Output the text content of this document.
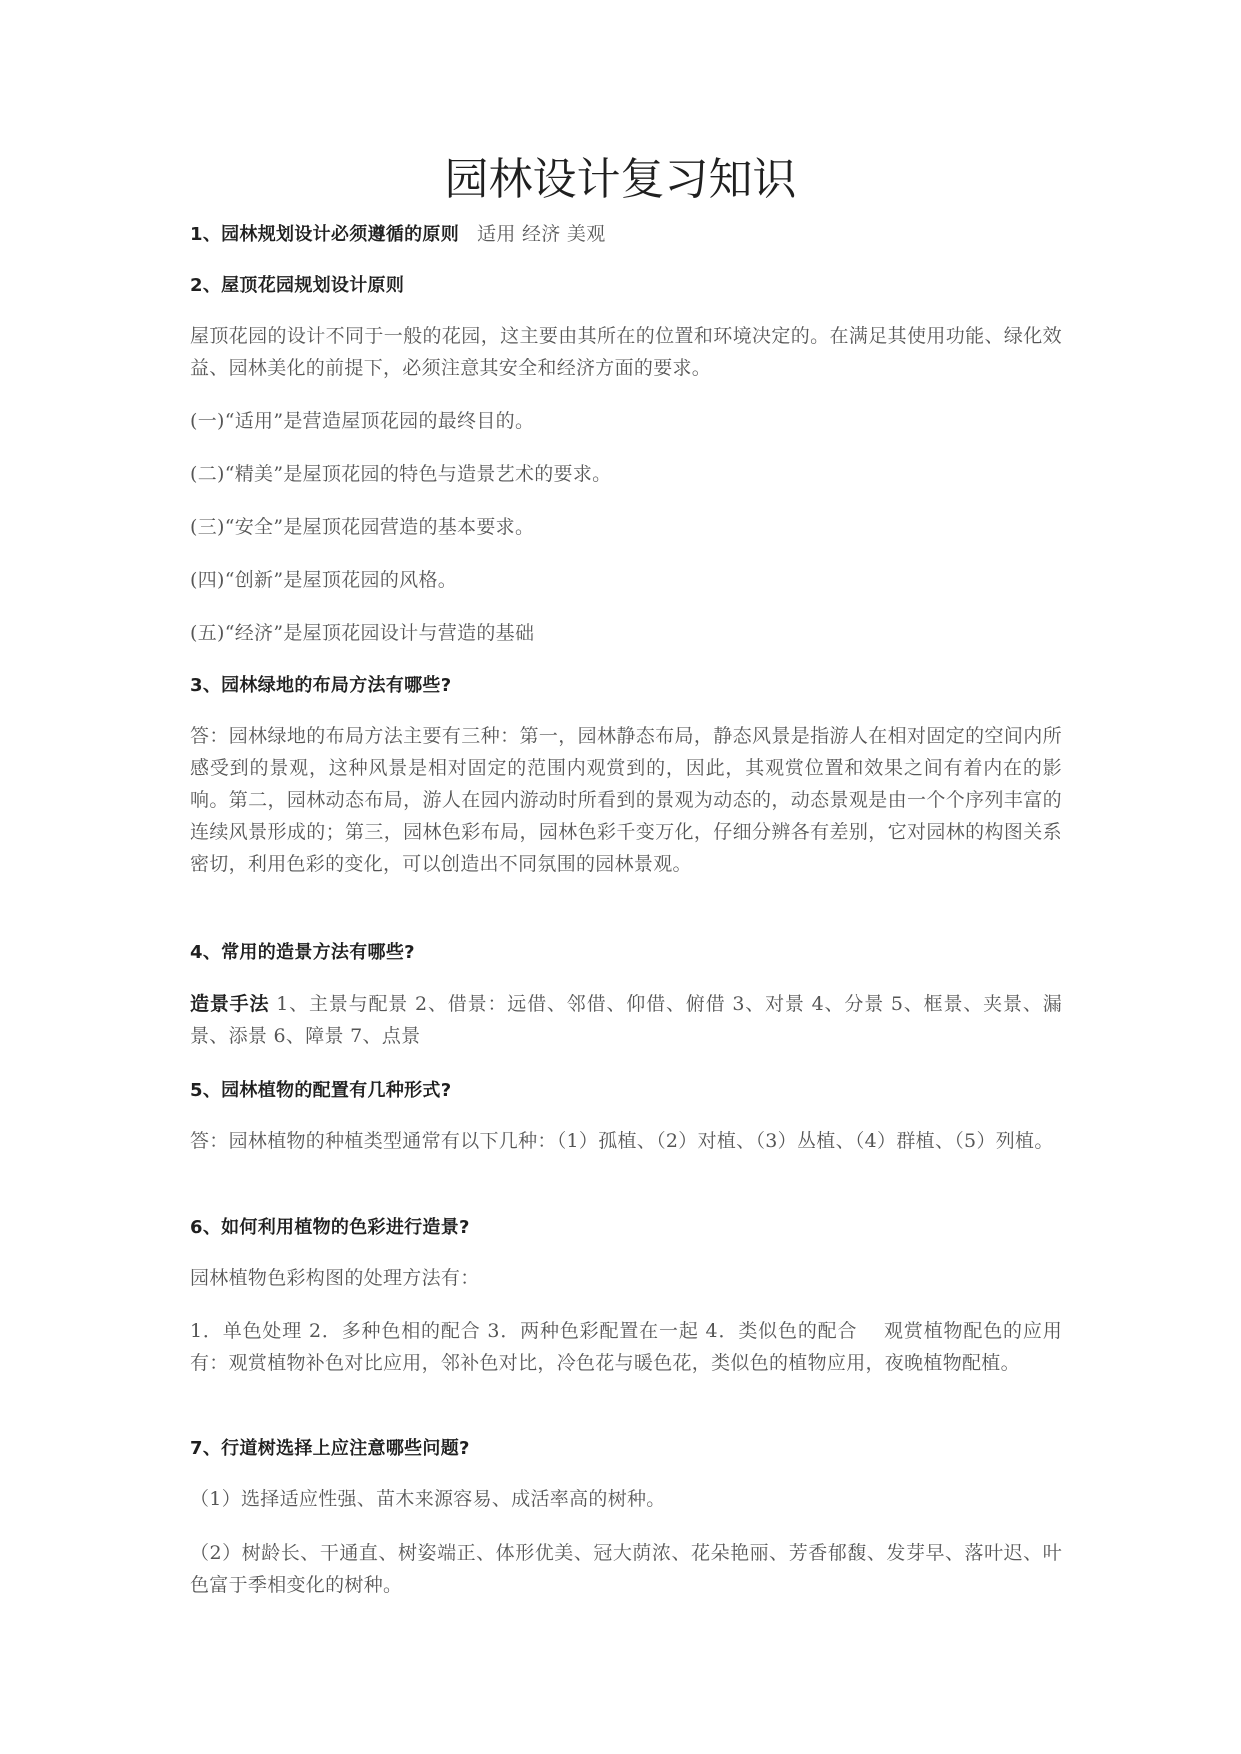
园林设计复习知识
1、园林规划设计必须遵循的原则 适用 经济 美观
2、屋顶花园规划设计原则
屋顶花园的设计不同于一般的花园，这主要由其所在的位置和环境决定的。在满足其使用功能、绿化效益、园林美化的前提下，必须注意其安全和经济方面的要求。
(一)“适用”是营造屋顶花园的最终目的。
(二)“精美”是屋顶花园的特色与造景艺术的要求。
(三)“安全”是屋顶花园营造的基本要求。
(四)“创新”是屋顶花园的风格。
(五)“经济”是屋顶花园设计与营造的基础
3、园林绿地的布局方法有哪些?
答：园林绿地的布局方法主要有三种：第一，园林静态布局，静态风景是指游人在相对固定的空间内所感受到的景观，这种风景是相对固定的范围内观赏到的，因此，其观赏位置和效果之间有着内在的影响。第二，园林动态布局，游人在园内游动时所看到的景观为动态的，动态景观是由一个个序列丰富的连续风景形成的；第三，园林色彩布局，园林色彩千变万化，仔细分辨各有差别，它对园林的构图关系密切，利用色彩的变化，可以创造出不同氛围的园林景观。
4、常用的造景方法有哪些?
造景手法 1、主景与配景 2、借景：远借、邻借、仰借、俯借 3、对景 4、分景 5、框景、夹景、漏景、添景 6、障景 7、点景
5、园林植物的配置有几种形式?
答：园林植物的种植类型通常有以下几种：（1）孤植、（2）对植、（3）丛植、（4）群植、（5）列植。
6、如何利用植物的色彩进行造景?
园林植物色彩构图的处理方法有：
1．单色处理 2．多种色相的配合 3．两种色彩配置在一起 4．类似色的配合　 观赏植物配色的应用有：观赏植物补色对比应用，邻补色对比，冷色花与暖色花，类似色的植物应用，夜晚植物配植。
7、行道树选择上应注意哪些问题?
（1）选择适应性强、苗木来源容易、成活率高的树种。
（2）树龄长、干通直、树姿端正、体形优美、冠大荫浓、花朵艳丽、芳香郁馥、发芽早、落叶迟、叶色富于季相变化的树种。
